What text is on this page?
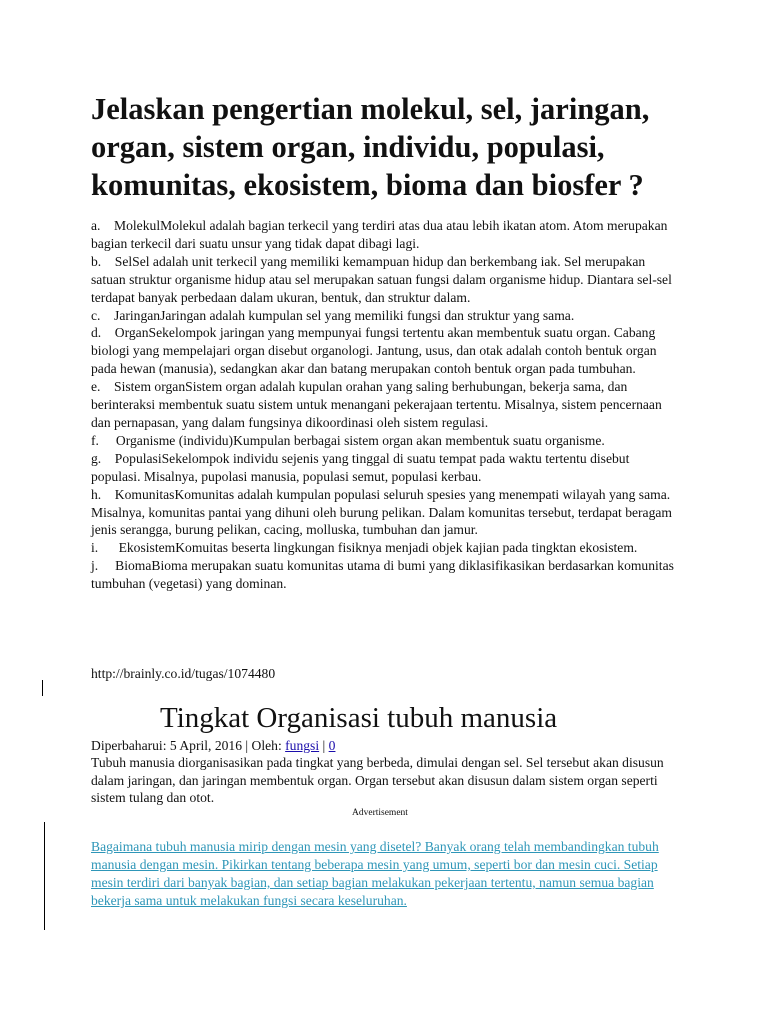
Jelaskan pengertian molekul, sel, jaringan, organ, sistem organ, individu, populasi, komunitas, ekosistem, bioma dan biosfer ?

a.    MolekulMolekul adalah bagian terkecil yang terdiri atas dua atau lebih ikatan atom. Atom merupakan bagian terkecil dari suatu unsur yang tidak dapat dibagi lagi.

b.    SelSel adalah unit terkecil yang memiliki kemampuan hidup dan berkembang iak. Sel merupakan satuan struktur organisme hidup atau sel merupakan satuan fungsi dalam organisme hidup. Diantara sel-sel terdapat banyak perbedaan dalam ukuran, bentuk, dan struktur dalam.

c.    JaringanJaringan adalah kumpulan sel yang memiliki fungsi dan struktur yang sama.

d.    OrganSekelompok jaringan yang mempunyai fungsi tertentu akan membentuk suatu organ. Cabang biologi yang mempelajari organ disebut organologi. Jantung, usus, dan otak adalah contoh bentuk organ pada hewan (manusia), sedangkan akar dan batang merupakan contoh bentuk organ pada tumbuhan.

e.    Sistem organSistem organ adalah kupulan orahan yang saling berhubungan, bekerja sama, dan berinteraksi membentuk suatu sistem untuk menangani pekerajaan tertentu. Misalnya, sistem pencernaan dan pernapasan, yang dalam fungsinya dikoordinasi oleh sistem regulasi.

f.     Organisme (individu)Kumpulan berbagai sistem organ akan membentuk suatu organisme.

g.    PopulasiSekelompok individu sejenis yang tinggal di suatu tempat pada waktu tertentu disebut populasi. Misalnya, pupolasi manusia, populasi semut, populasi kerbau.

h.    KomunitasKomunitas adalah kumpulan populasi seluruh spesies yang menempati wilayah yang sama. Misalnya, komunitas pantai yang dihuni oleh burung pelikan. Dalam komunitas tersebut, terdapat beragam jenis serangga, burung pelikan, cacing, molluska, tumbuhan dan jamur.

i.      EkosistemKomuitas beserta lingkungan fisiknya menjadi objek kajian pada tingktan ekosistem.

j.     BiomaBioma merupakan suatu komunitas utama di bumi yang diklasifikasikan berdasarkan komunitas tumbuhan (vegetasi) yang dominan.

http://brainly.co.id/tugas/1074480
Tingkat Organisasi tubuh manusia
Diperbaharui: 5 April, 2016 | Oleh: fungsi | 0
Tubuh manusia diorganisasikan pada tingkat yang berbeda, dimulai dengan sel. Sel tersebut akan disusun dalam jaringan, dan jaringan membentuk organ. Organ tersebut akan disusun dalam sistem organ seperti sistem tulang dan otot.
Advertisement
Bagaimana tubuh manusia mirip dengan mesin yang disetel? Banyak orang telah membandingkan tubuh manusia dengan mesin. Pikirkan tentang beberapa mesin yang umum, seperti bor dan mesin cuci. Setiap mesin terdiri dari banyak bagian, dan setiap bagian melakukan pekerjaan tertentu, namun semua bagian bekerja sama untuk melakukan fungsi secara keseluruhan.
